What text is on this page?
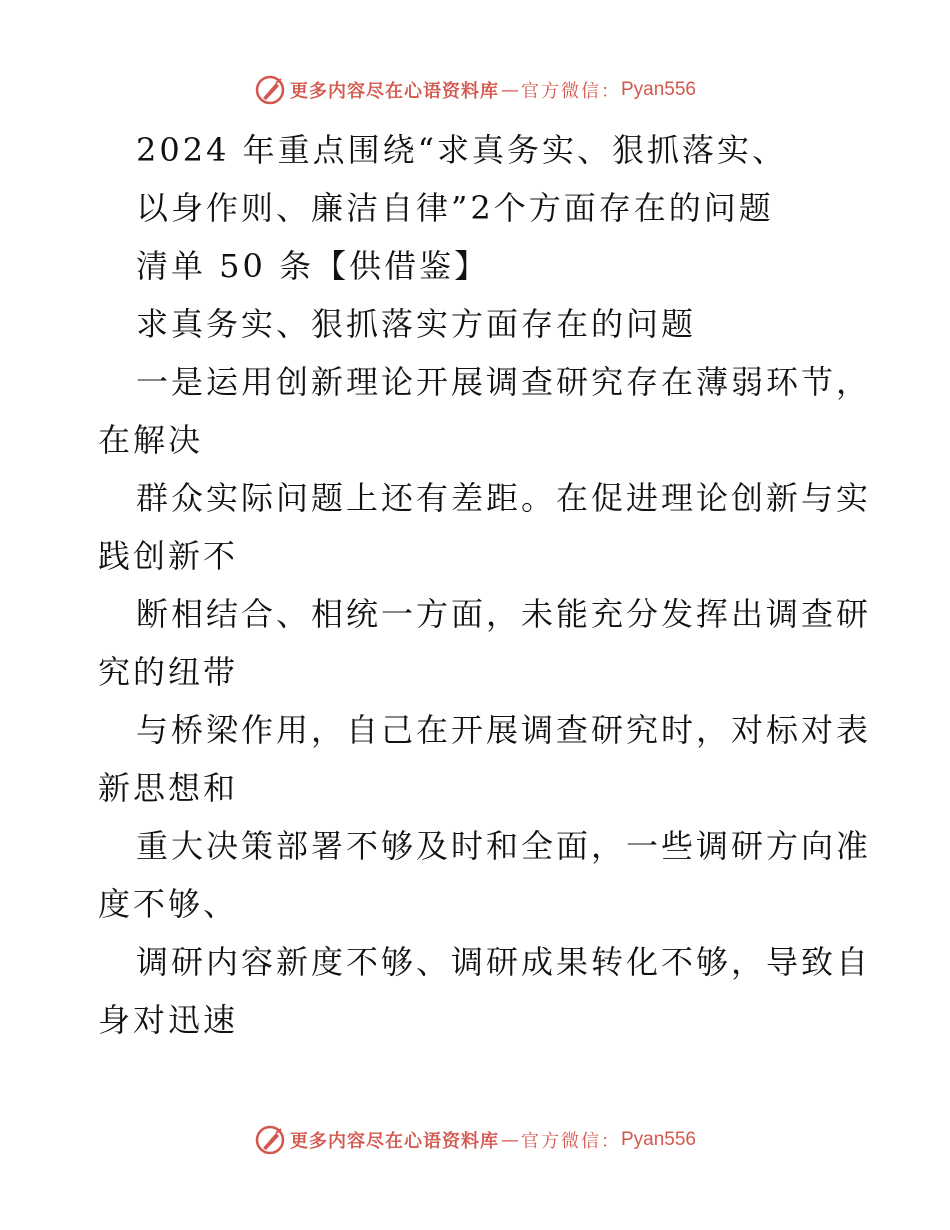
更多内容尽在心语资料库 — 官方微信： Pyan556
2024 年重点围绕“求真务实、狠抓落实、
以身作则、廉洁自律”2个方面存在的问题
清单 50 条【供借鉴】
求真务实、狠抓落实方面存在的问题
一是运用创新理论开展调查研究存在薄弱环节，
在解决
群众实际问题上还有差距。在促进理论创新与实
践创新不
断相结合、相统一方面，未能充分发挥出调查研
究的纽带
与桥梁作用，自己在开展调查研究时，对标对表
新思想和
重大决策部署不够及时和全面，一些调研方向准
度不够、
调研内容新度不够、调研成果转化不够，导致自
身对迅速
更多内容尽在心语资料库 — 官方微信： Pyan556
